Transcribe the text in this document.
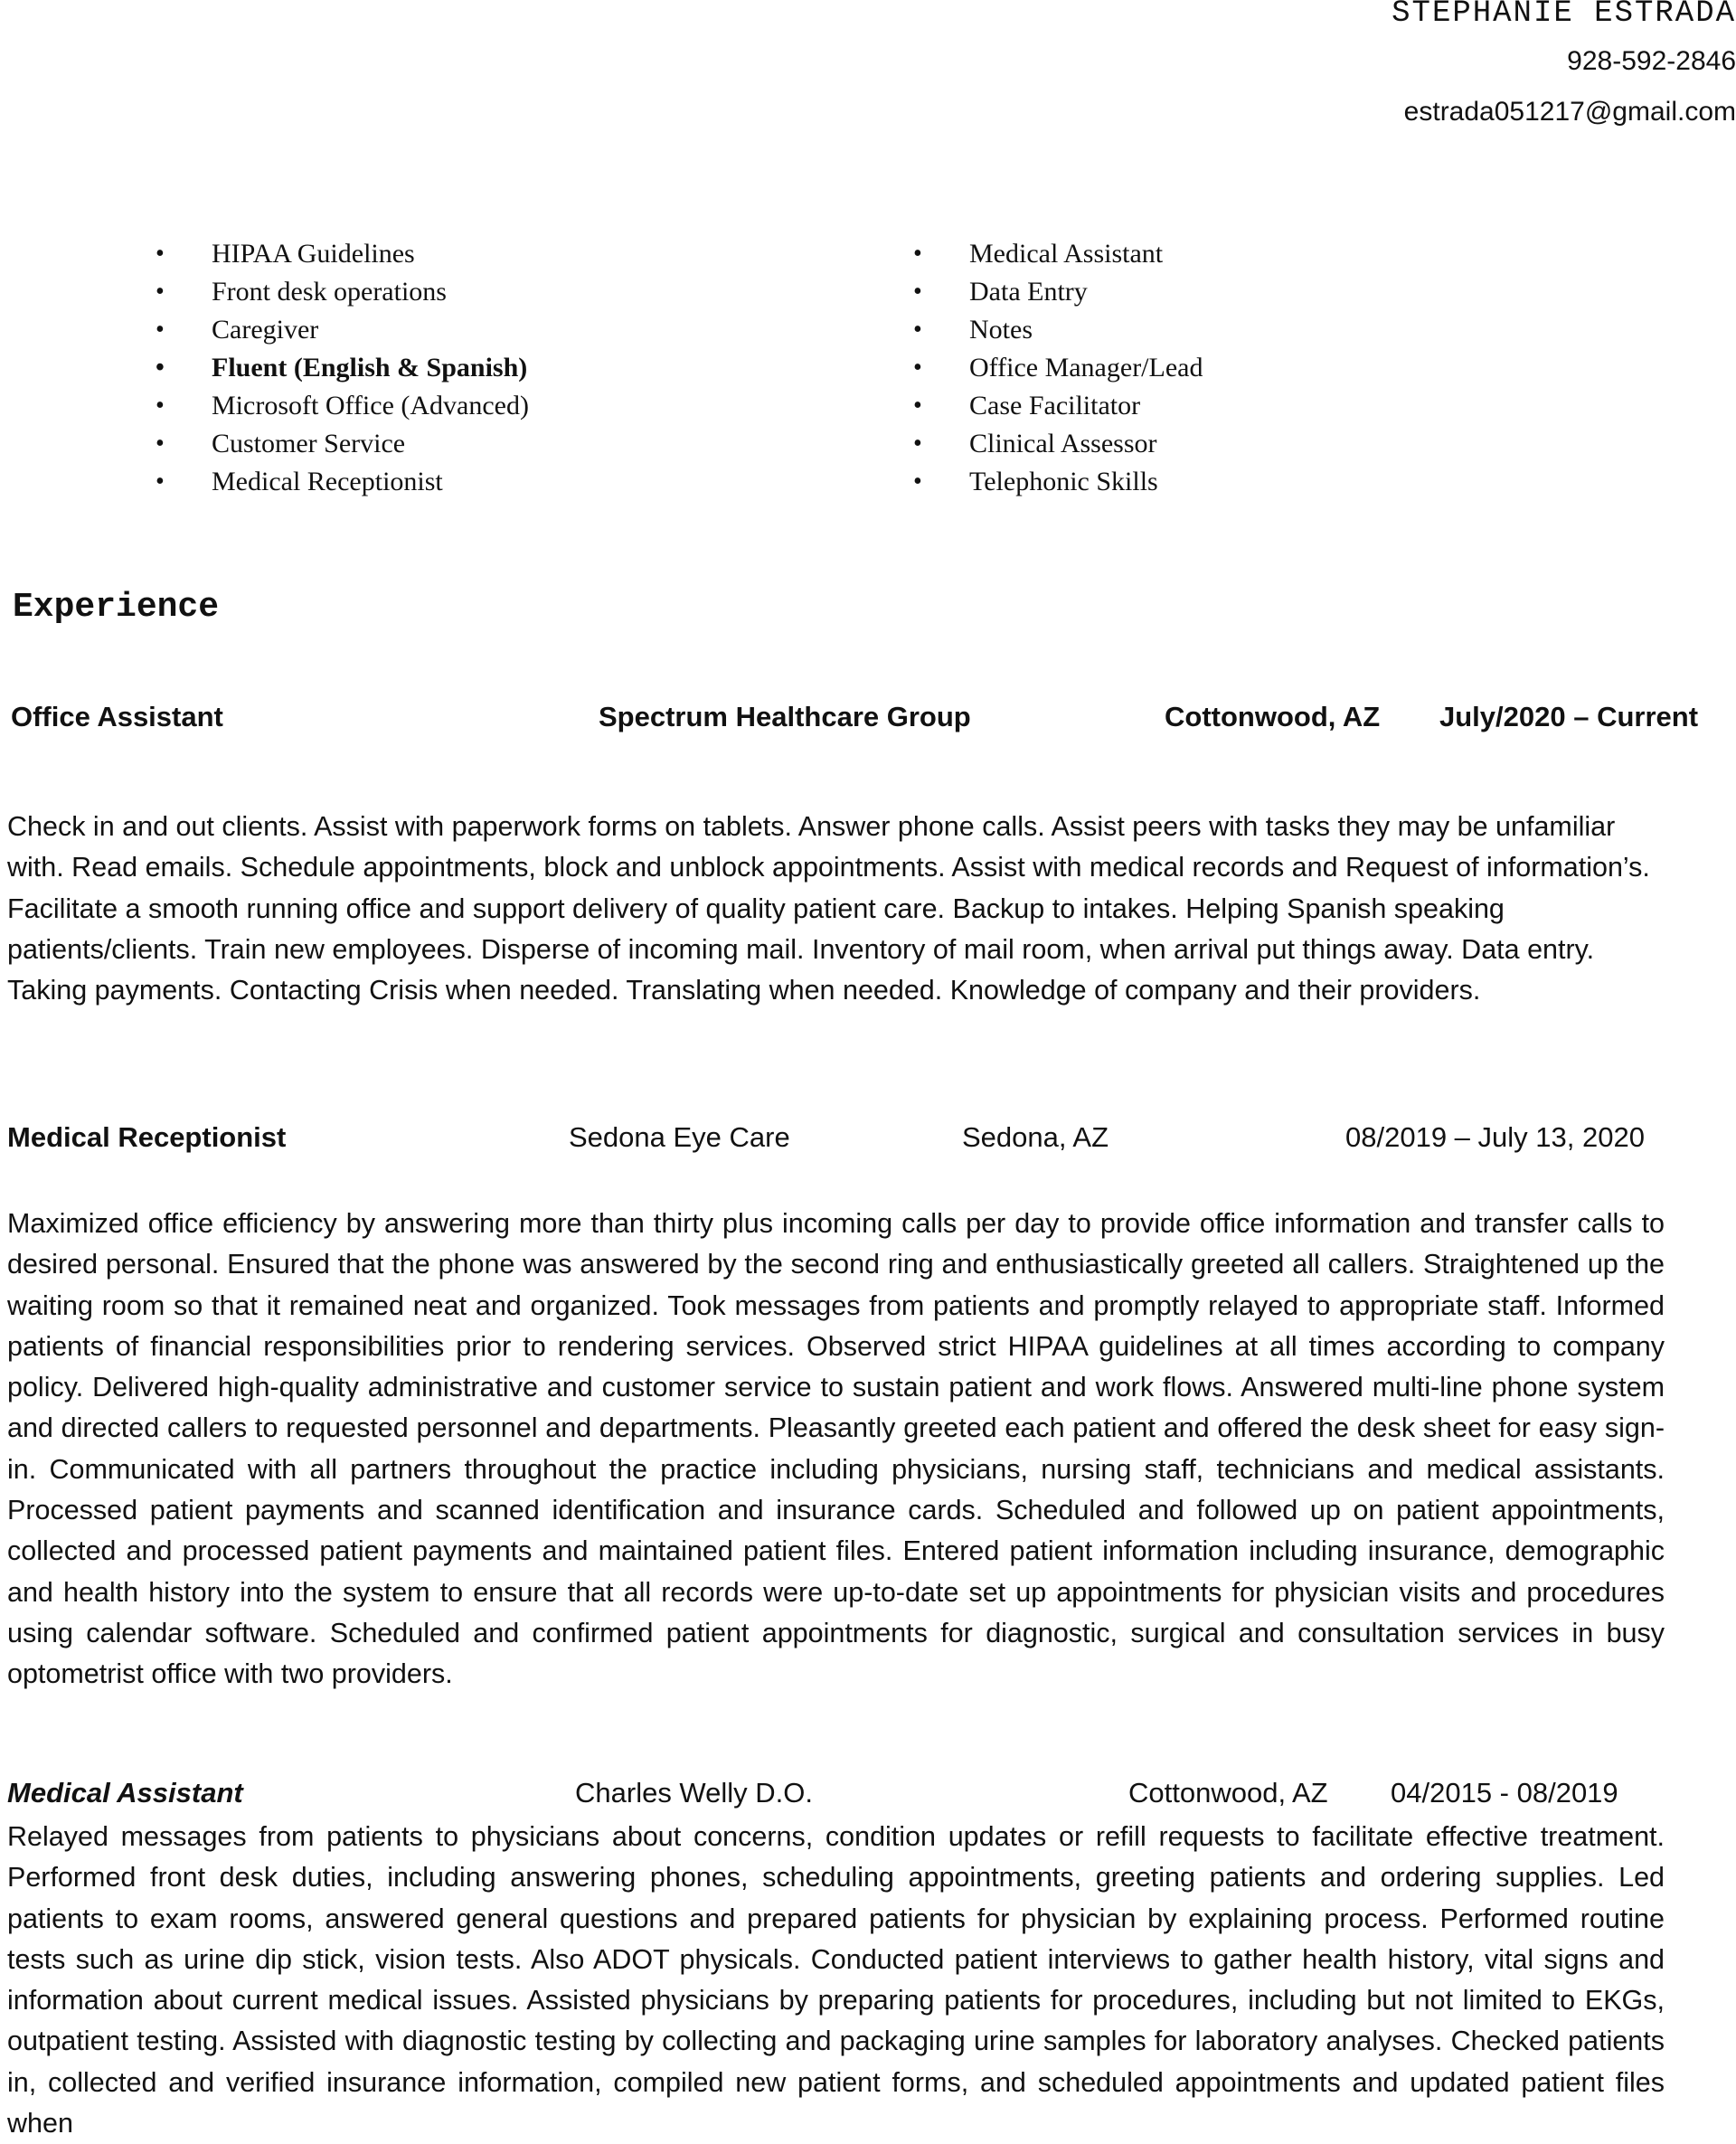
STEPHANIE ESTRADA
928-592-2846
estrada051217@gmail.com
• HIPAA Guidelines
• Front desk operations
• Caregiver
• Fluent (English & Spanish)
• Microsoft Office (Advanced)
• Customer Service
• Medical Receptionist
• Medical Assistant
• Data Entry
• Notes
• Office Manager/Lead
• Case Facilitator
• Clinical Assessor
• Telephonic Skills
Experience
Office Assistant	Spectrum Healthcare Group	Cottonwood, AZ July/2020 – Current

Check in and out clients. Assist with paperwork forms on tablets. Answer phone calls. Assist peers with tasks they may be unfamiliar with. Read emails. Schedule appointments, block and unblock appointments. Assist with medical records and Request of information’s. Facilitate a smooth running office and support delivery of quality patient care. Backup to intakes. Helping Spanish speaking patients/clients. Train new employees. Disperse of incoming mail. Inventory of mail room, when arrival put things away. Data entry. Taking payments. Contacting Crisis when needed. Translating when needed. Knowledge of company and their providers.

Medical Receptionist	Sedona Eye Care	Sedona, AZ	08/2019 – July 13, 2020

Maximized office efficiency by answering more than thirty plus incoming calls per day to provide office information and transfer calls to desired personal. Ensured that the phone was answered by the second ring and enthusiastically greeted all callers. Straightened up the waiting room so that it remained neat and organized. Took messages from patients and promptly relayed to appropriate staff. Informed patients of financial responsibilities prior to rendering services. Observed strict HIPAA guidelines at all times according to company policy. Delivered high-quality administrative and customer service to sustain patient and work flows. Answered multi-line phone system and directed callers to requested personnel and departments. Pleasantly greeted each patient and offered the desk sheet for easy sign-in. Communicated with all partners throughout the practice including physicians, nursing staff, technicians and medical assistants. Processed patient payments and scanned identification and insurance cards. Scheduled and followed up on patient appointments, collected and processed patient payments and maintained patient files. Entered patient information including insurance, demographic and health history into the system to ensure that all records were up-to-date set up appointments for physician visits and procedures using calendar software. Scheduled and confirmed patient appointments for diagnostic, surgical and consultation services in busy optometrist office with two providers.

Medical Assistant	Charles Welly D.O.	Cottonwood, AZ 04/2015 - 08/2019

Relayed messages from patients to physicians about concerns, condition updates or refill requests to facilitate effective treatment. Performed front desk duties, including answering phones, scheduling appointments, greeting patients and ordering supplies. Led patients to exam rooms, answered general questions and prepared patients for physician by explaining process. Performed routine tests such as urine dip stick, vision tests. Also ADOT physicals. Conducted patient interviews to gather health history, vital signs and information about current medical issues. Assisted physicians by preparing patients for procedures, including but not limited to EKGs, outpatient testing. Assisted with diagnostic testing by collecting and packaging urine samples for laboratory analyses. Checked patients in, collected and verified insurance information, compiled new patient forms, and scheduled appointments and updated patient files when
